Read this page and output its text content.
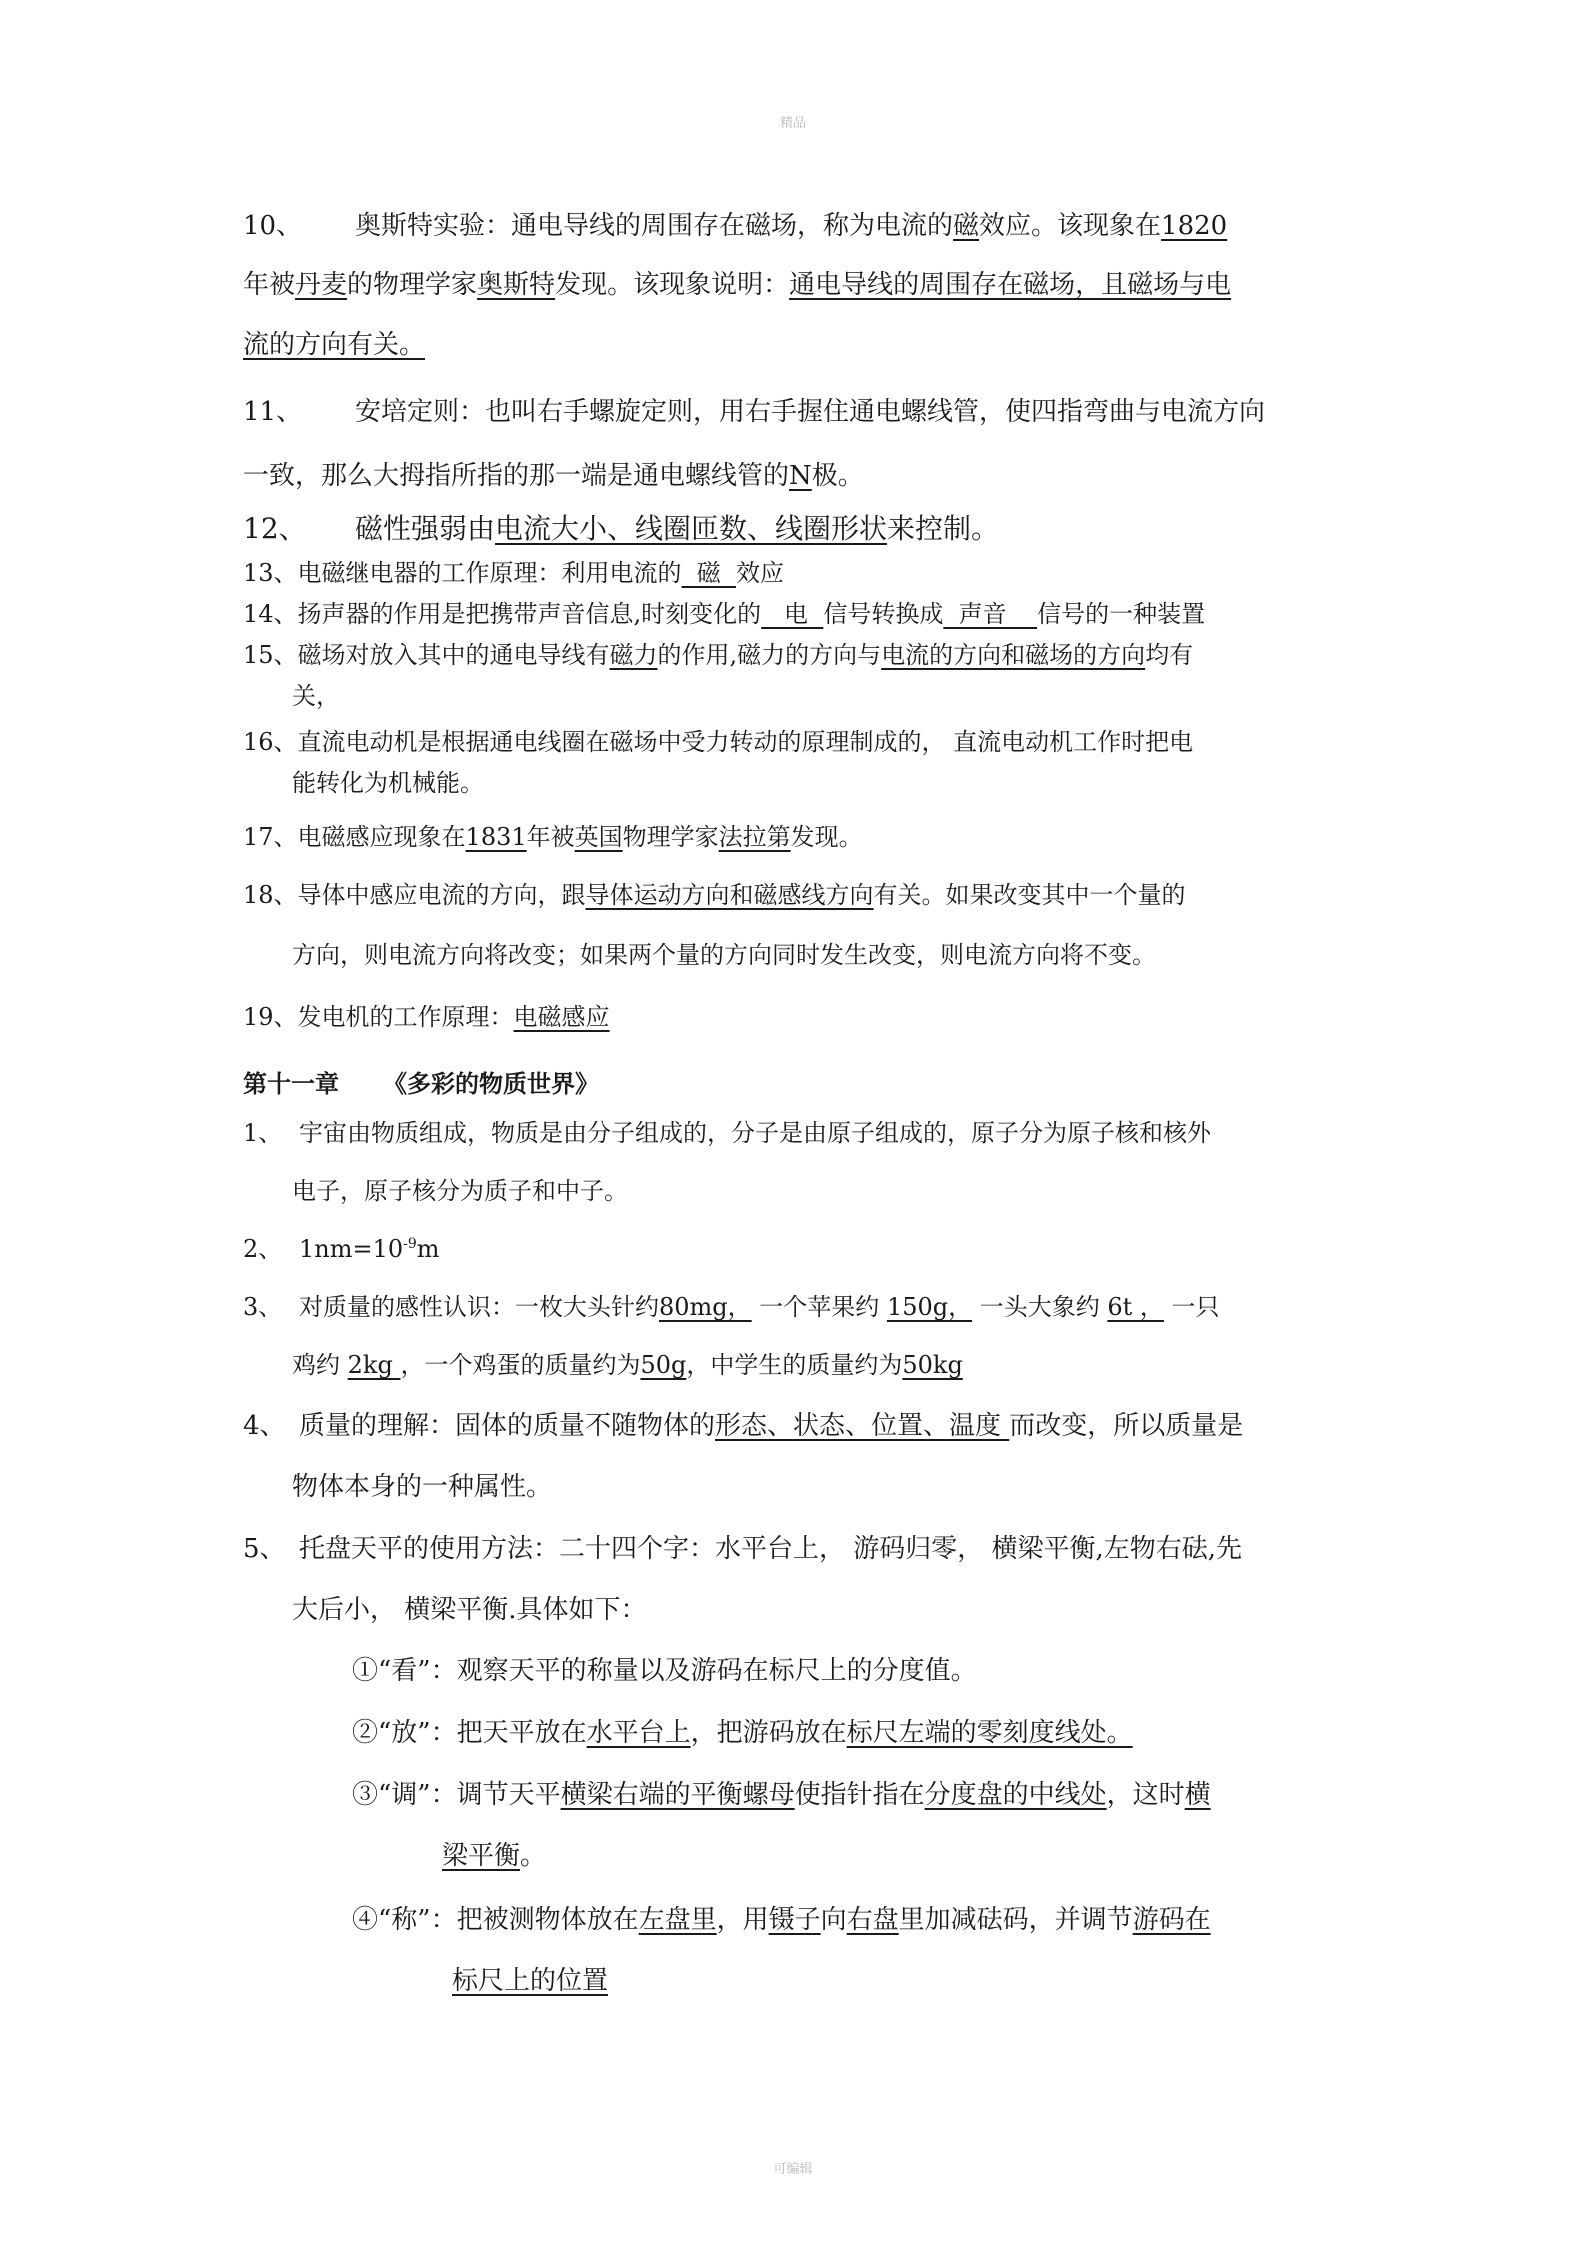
精品
10、 奥斯特实验：通电导线的周围存在磁场，称为电流的磁效应。该现象在1820
年被丹麦的物理学家奥斯特发现。该现象说明：通电导线的周围存在磁场，且磁场与电
流的方向有关。
11、 安培定则：也叫右手螺旋定则，用右手握住通电螺线管，使四指弯曲与电流方向
一致，那么大拇指所指的那一端是通电螺线管的N极。
12、 磁性强弱由电流大小、线圈匝数、线圈形状来控制。
13、电磁继电器的工作原理：利用电流的  磁  效应
14、扬声器的作用是把携带声音信息,时刻变化的   电  信号转换成  声音    信号的一种装置
15、磁场对放入其中的通电导线有磁力的作用,磁力的方向与电流的方向和磁场的方向均有
关，
16、直流电动机是根据通电线圈在磁场中受力转动的原理制成的， 直流电动机工作时把电
能转化为机械能。
17、电磁感应现象在1831年被英国物理学家法拉第发现。
18、导体中感应电流的方向，跟导体运动方向和磁感线方向有关。如果改变其中一个量的
方向，则电流方向将改变；如果两个量的方向同时发生改变，则电流方向将不变。
19、发电机的工作原理：电磁感应
第十一章 《多彩的物质世界》
1、 宇宙由物质组成，物质是由分子组成的，分子是由原子组成的，原子分为原子核和核外
电子，原子核分为质子和中子。
2、 $1nm=10^{-9}m$
3、 对质量的感性认识：一枚大头针约80mg， 一个苹果约 150g， 一头大象约 6t ， 一只
鸡约 2kg ，一个鸡蛋的质量约为50g，中学生的质量约为50kg
4、 质量的理解：固体的质量不随物体的形态、状态、位置、温度 而改变，所以质量是
物体本身的一种属性。
5、 托盘天平的使用方法：二十四个字：水平台上， 游码归零， 横梁平衡,左物右砝,先
大后小， 横梁平衡.具体如下：
①“看”：观察天平的称量以及游码在标尺上的分度值。
②“放”：把天平放在水平台上，把游码放在标尺左端的零刻度线处。
③“调”：调节天平横梁右端的平衡螺母使指针指在分度盘的中线处，这时横
梁平衡。
④“称”：把被测物体放在左盘里，用镊子向右盘里加减砝码，并调节游码在
标尺上的位置
可编辑
